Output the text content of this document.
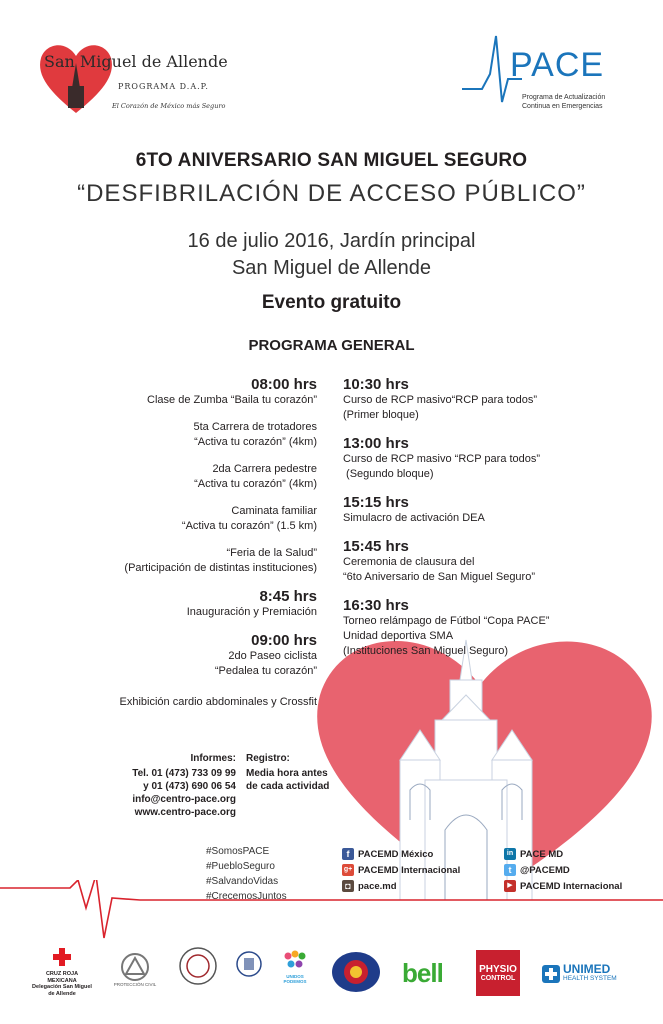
San Miguel de Allende
PROGRAMA D.A.P.
El Corazón de México más Seguro
PACE
Programa de Actualización
Continua en Emergencias
6TO ANIVERSARIO SAN MIGUEL SEGURO
“DESFIBRILACIÓN DE ACCESO PÚBLICO”
16 de julio 2016, Jardín principal
San Miguel de Allende
Evento gratuito
PROGRAMA GENERAL
08:00 hrs
Clase de Zumba “Baila tu corazón”
5ta Carrera de trotadores
“Activa tu corazón” (4km)
2da Carrera pedestre
“Activa tu corazón” (4km)
Caminata familiar
“Activa tu corazón” (1.5 km)
“Feria de la Salud”
(Participación de distintas instituciones)
8:45 hrs
Inauguración y Premiación
09:00 hrs
2do Paseo ciclista
“Pedalea tu corazón”
Exhibición cardio abdominales y Crossfit
10:30 hrs
Curso de RCP masivo“RCP para todos”
(Primer bloque)
13:00 hrs
Curso de RCP masivo “RCP para todos”
(Segundo bloque)
15:15 hrs
Simulacro de activación DEA
15:45 hrs
Ceremonia de clausura del
“6to Aniversario de San Miguel Seguro”
16:30 hrs
Torneo relámpago de Fútbol “Copa PACE”
Unidad deportiva SMA
(Instituciones San Miguel Seguro)
Informes:
Tel. 01 (473) 733 09 99
y 01 (473) 690 06 54
info@centro-pace.org
www.centro-pace.org
Registro:
Media hora antes
de cada actividad
#SomosPACE
#PuebloSeguro
#SalvandoVidas
#CrecemosJuntos
f PACEMD México
g+ PACEMD Internacional
◘ pace.md
in PACE MD
t @PACEMD
▶ PACEMD Internacional
CRUZ ROJA
MEXICANA
Delegación San Miguel
de Allende
PROTECCIÓN CIVIL
UNIDOS PODEMOS	bell	PHYSIO
CONTROL
UNIMED
HEALTH SYSTEM
